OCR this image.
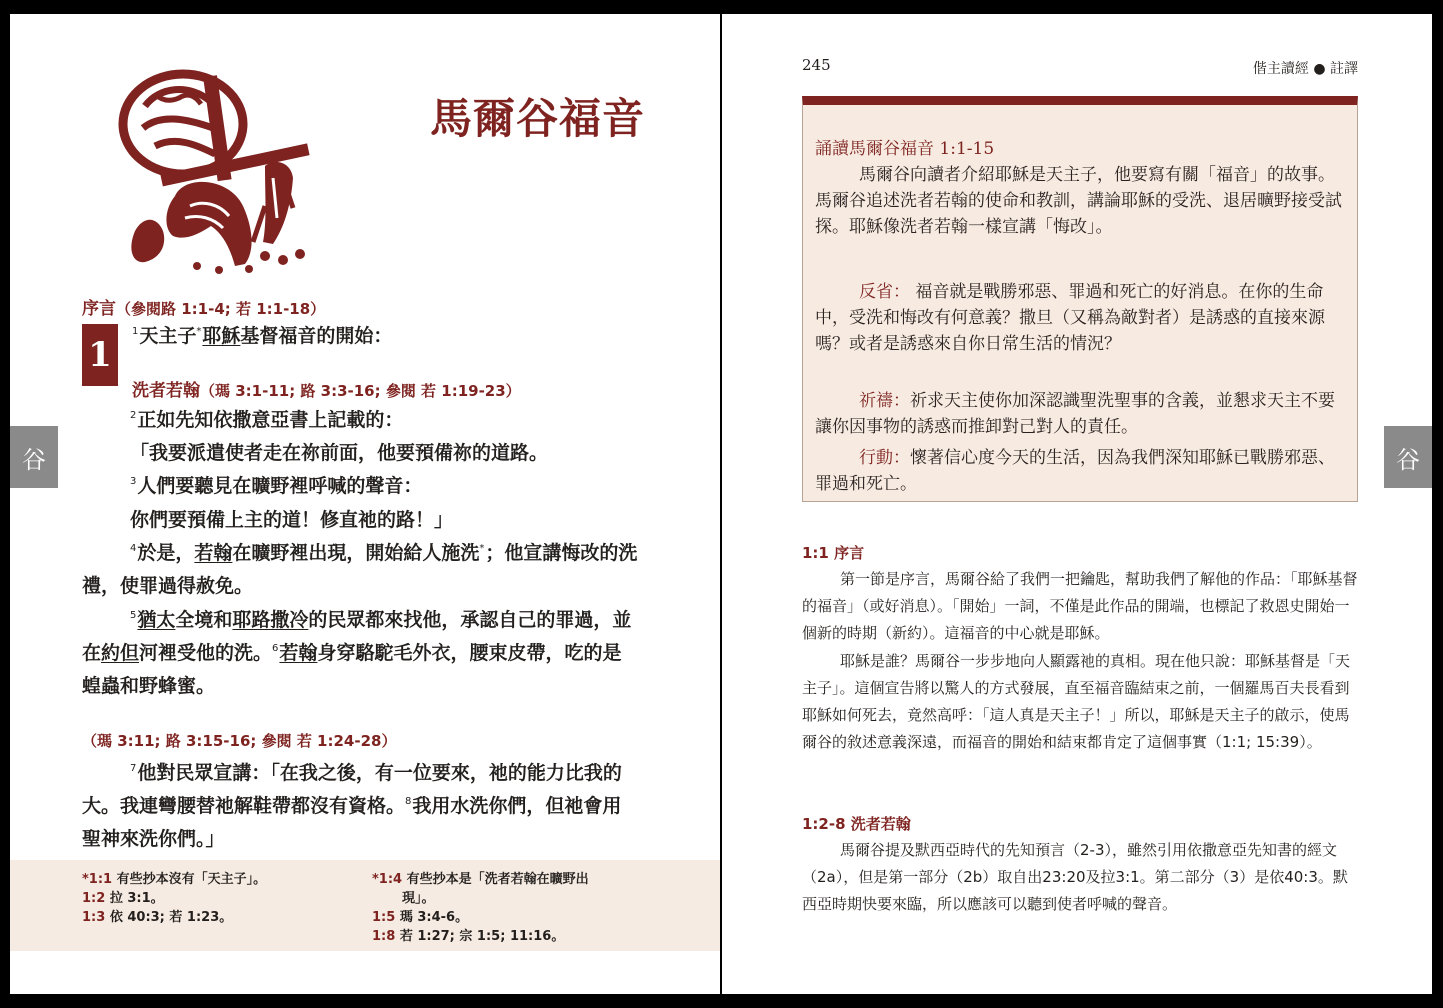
馬爾谷福音
序言（參閱路 1:1-4; 若 1:1-18）
1
$^1$天主子*耶穌基督福音的開始：
洗者若翰（瑪 3:1-11; 路 3:3-16; 參閱 若 1:19-23）
$^2$正如先知依撒意亞書上記載的：
「我要派遣使者走在祢前面，他要預備祢的道路。
$^3$人們要聽見在曠野裡呼喊的聲音：
你們要預備上主的道！修直祂的路！」
$^4$於是，若翰在曠野裡出現，開始給人施洗*；他宣講悔改的洗禮，使罪過得赦免。
$^5$猶太全境和耶路撒冷的民眾都來找他，承認自己的罪過，並在約但河裡受他的洗。$^6$若翰身穿駱駝毛外衣，腰束皮帶，吃的是蝗蟲和野蜂蜜。
（瑪 3:11; 路 3:15-16; 參閱 若 1:24-28）
$^7$他對民眾宣講：「在我之後，有一位要來，祂的能力比我的大。我連彎腰替祂解鞋帶都沒有資格。$^8$我用水洗你們，但祂會用聖神來洗你們。」
*1:1 有些抄本沒有「天主子」。
1:2 拉 3:1。
1:3 依 40:3; 若 1:23。
*1:4 有些抄本是「洗者若翰在曠野出
現」。
1:5 瑪 3:4-6。
1:8 若 1:27; 宗 1:5; 11:16。
谷
245	偕主讀經 ● 註譯
誦讀馬爾谷福音 1:1-15
馬爾谷向讀者介紹耶穌是天主子，他要寫有關「福音」的故事。馬爾谷追述洗者若翰的使命和教訓，講論耶穌的受洗、退居曠野接受試探。耶穌像洗者若翰一樣宣講「悔改」。
反省： 福音就是戰勝邪惡、罪過和死亡的好消息。在你的生命中，受洗和悔改有何意義？撒旦（又稱為敵對者）是誘惑的直接來源嗎？或者是誘惑來自你日常生活的情況？
祈禱：祈求天主使你加深認識聖洗聖事的含義，並懇求天主不要讓你因事物的誘惑而推卸對己對人的責任。
行動：懷著信心度今天的生活，因為我們深知耶穌已戰勝邪惡、罪過和死亡。
1:1 序言
第一節是序言，馬爾谷給了我們一把鑰匙，幫助我們了解他的作品：「耶穌基督的福音」（或好消息）。「開始」一詞，不僅是此作品的開端，也標記了救恩史開始一個新的時期（新約）。這福音的中心就是耶穌。
耶穌是誰？馬爾谷一步步地向人顯露祂的真相。現在他只說：耶穌基督是「天主子」。這個宣告將以驚人的方式發展，直至福音臨結束之前，一個羅馬百夫長看到耶穌如何死去，竟然高呼：「這人真是天主子！」所以，耶穌是天主子的啟示，使馬爾谷的敘述意義深遠，而福音的開始和結束都肯定了這個事實（1:1; 15:39）。
1:2-8 洗者若翰
馬爾谷提及默西亞時代的先知預言（2-3），雖然引用依撒意亞先知書的經文（2a），但是第一部分（2b）取自出23:20及拉3:1。第二部分（3）是依40:3。默西亞時期快要來臨，所以應該可以聽到使者呼喊的聲音。
谷
